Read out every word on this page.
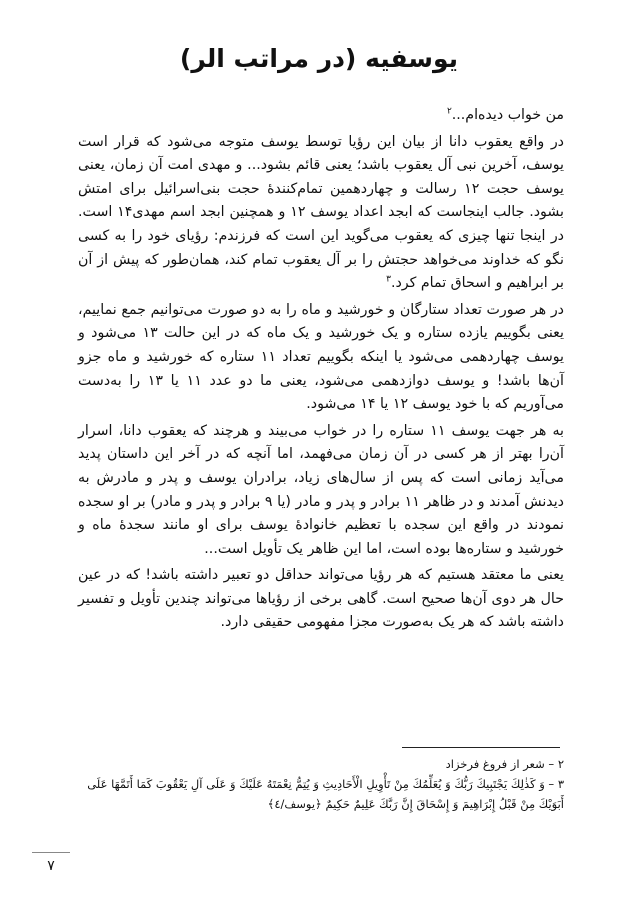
یوسفیه (در مراتب الر)

من خواب دیده‌ام...$^٢$

در واقع یعقوب دانا از بیان این رؤیا توسط یوسف متوجه می‌شود که قرار است یوسف، آخرین نبی آل یعقوب باشد؛ یعنی قائم بشود... و مهدی امت آن زمان، یعنی یوسف حجت ۱۲ رسالت و چهاردهمین تمام‌کنندهٔ حجت بنی‌اسرائیل برای امتش بشود. جالب اینجاست که ابجد اعداد یوسف ۱۲ و همچنین ابجد اسم مهدی۱۴ است. در اینجا تنها چیزی که یعقوب می‌گوید این است که فرزندم: رؤیای خود را به کسی نگو که خداوند می‌خواهد حجتش را بر آل یعقوب تمام کند، همان‌طور که پیش از آن بر ابراهیم و اسحاق تمام کرد.$^٣$

در هر صورت تعداد ستارگان و خورشید و ماه را به دو صورت می‌توانیم جمع نماییم، یعنی بگوییم یازده ستاره و یک خورشید و یک ماه که در این حالت ۱۳ می‌شود و یوسف چهاردهمی می‌شود یا اینکه بگوییم تعداد ۱۱ ستاره که خورشید و ماه جزو آن‌ها باشد! و یوسف دوازدهمی می‌شود، یعنی ما دو عدد ۱۱ یا ۱۳ را به‌دست می‌آوریم که با خود یوسف ۱۲ یا ۱۴ می‌شود.

به هر جهت یوسف ۱۱ ستاره را در خواب می‌بیند و هرچند که یعقوب دانا، اسرار آن‌را بهتر از هر کسی در آن زمان می‌فهمد، اما آنچه که در آخر این داستان پدید می‌آید زمانی است که پس از سال‌های زیاد، برادران یوسف و پدر و مادرش به دیدنش آمدند و در ظاهر ۱۱ برادر و پدر و مادر (یا ۹ برادر و پدر و مادر) بر او سجده نمودند در واقع این سجده با تعظیم خانوادهٔ یوسف برای او مانند سجدهٔ ماه و خورشید و ستاره‌ها بوده است، اما این ظاهر یک تأویل است...

یعنی ما معتقد هستیم که هر رؤیا می‌تواند حداقل دو تعبیر داشته باشد! که در عین حال هر دوی آن‌ها صحیح است. گاهی برخی از رؤیاها می‌تواند چندین تأویل و تفسیر داشته باشد که هر یک به‌صورت مجزا مفهومی حقیقی دارد.

٢ – شعر از فروغ فرخزاد

٣ – وَ كَذٰلِكَ يَجْتَبِيكَ رَبُّكَ وَ يُعَلِّمُكَ مِنْ تَأْوِيلِ الْأَحَادِيثِ وَ يُتِمُّ نِعْمَتَهُ عَلَيْكَ وَ عَلَى آلِ يَعْقُوبَ كَمَا أَتَمَّهَا عَلَى أَبَوَيْكَ مِنْ قَبْلُ إِبْرَاهِيمَ وَ إِسْحَاقَ إِنَّ رَبَّكَ عَلِيمٌ حَكِيمٌ ﴿يوسف/٤﴾

٧
